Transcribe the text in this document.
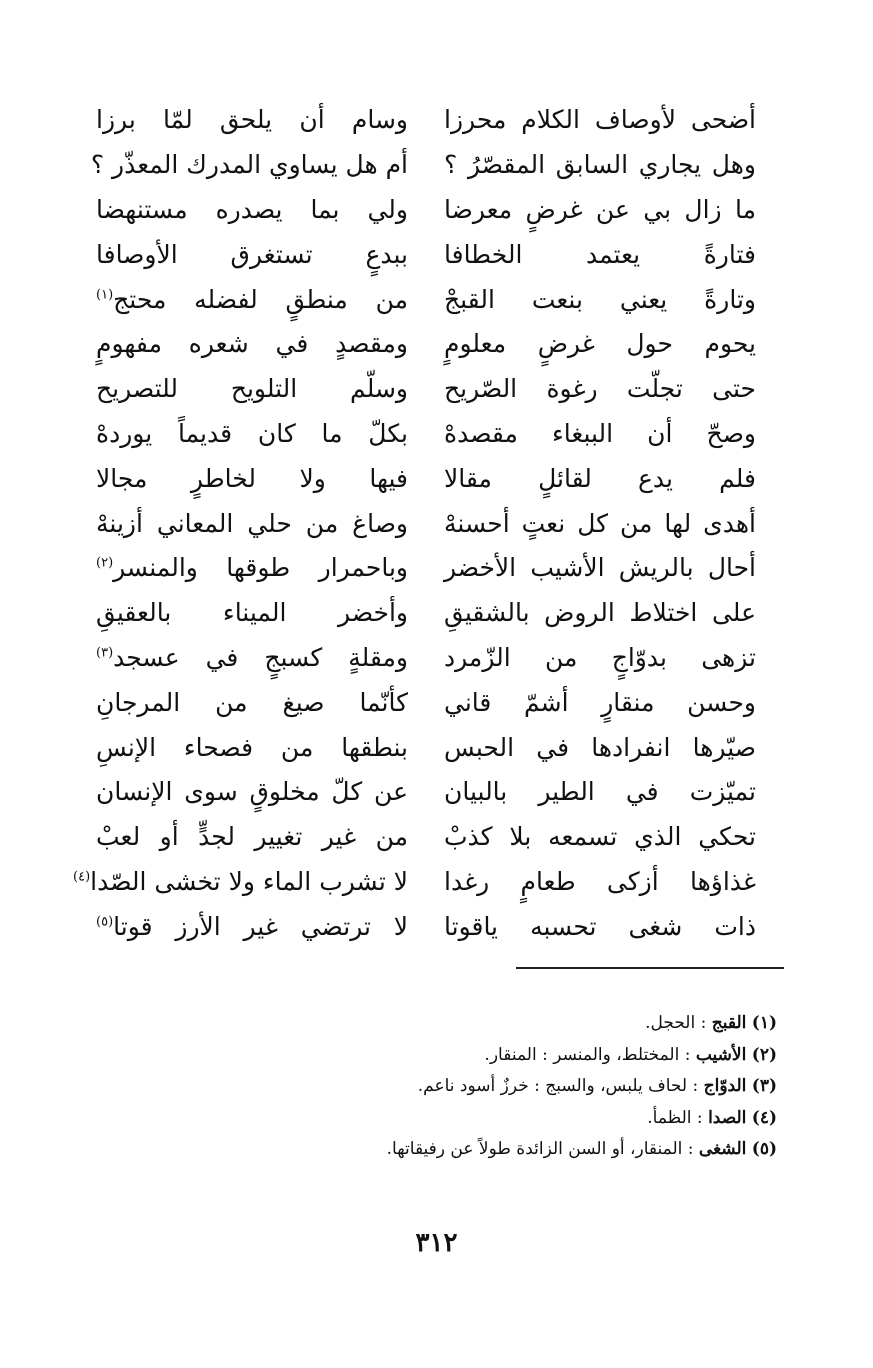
أضحى لأوصاف الكلام محرزا
وسام أن يلحق لمّا برزا
وهل يجاري السابق المقصّرُ ؟
أم هل يساوي المدرك المعذّر ؟
ما زال بي عن غرضٍ معرضا
ولي بما يصدره مستنهضا
فتارةً يعتمد الخطافا
ببدعٍ تستغرق الأوصافا
وتارةً يعني بنعت القبجْ
من منطقٍ لفضله محتج$^{(١)}$
يحوم حول غرضٍ معلومٍ
ومقصدٍ في شعره مفهومٍ
حتى تجلّت رغوة الصّريح
وسلّم التلويح للتصريح
وصحّ أن الببغاء مقصدهْ
بكلّ ما كان قديماً يوردهْ
فلم يدع لقائلٍ مقالا
فيها ولا لخاطرٍ مجالا
أهدى لها من كل نعتٍ أحسنهْ
وصاغ من حلي المعاني أزينهْ
أحال بالريش الأشيب الأخضر
وباحمرار طوقها والمنسر$^{(٢)}$
على اختلاط الروض بالشقيقِ
وأخضر الميناء بالعقيقِ
تزهى بدوّاجٍ من الزّمرد
ومقلةٍ كسبجٍ في عسجد$^{(٣)}$
وحسن منقارٍ أشمّ قاني
كأنّما صيغ من المرجانِ
صيّرها انفرادها في الحبس
بنطقها من فصحاء الإنسِ
تميّزت في الطير بالبيان
عن كلّ مخلوقٍ سوى الإنسان
تحكي الذي تسمعه بلا كذبْ
من غير تغيير لجدٍّ أو لعبْ
غذاؤها أزكى طعامٍ رغدا
لا تشرب الماء ولا تخشى الصّدا$^{(٤)}$
ذات شغى تحسبه ياقوتا
لا ترتضي غير الأرز قوتا$^{(٥)}$
(١) القبج : الحجل.
(٢) الأشيب : المختلط، والمنسر : المنقار.
(٣) الدوّاج : لحاف يلبس، والسبج : خرزٌ أسود ناعم.
(٤) الصدا : الظمأ.
(٥) الشغى : المنقار، أو السن الزائدة طولاً عن رفيقاتها.
٣١٢
